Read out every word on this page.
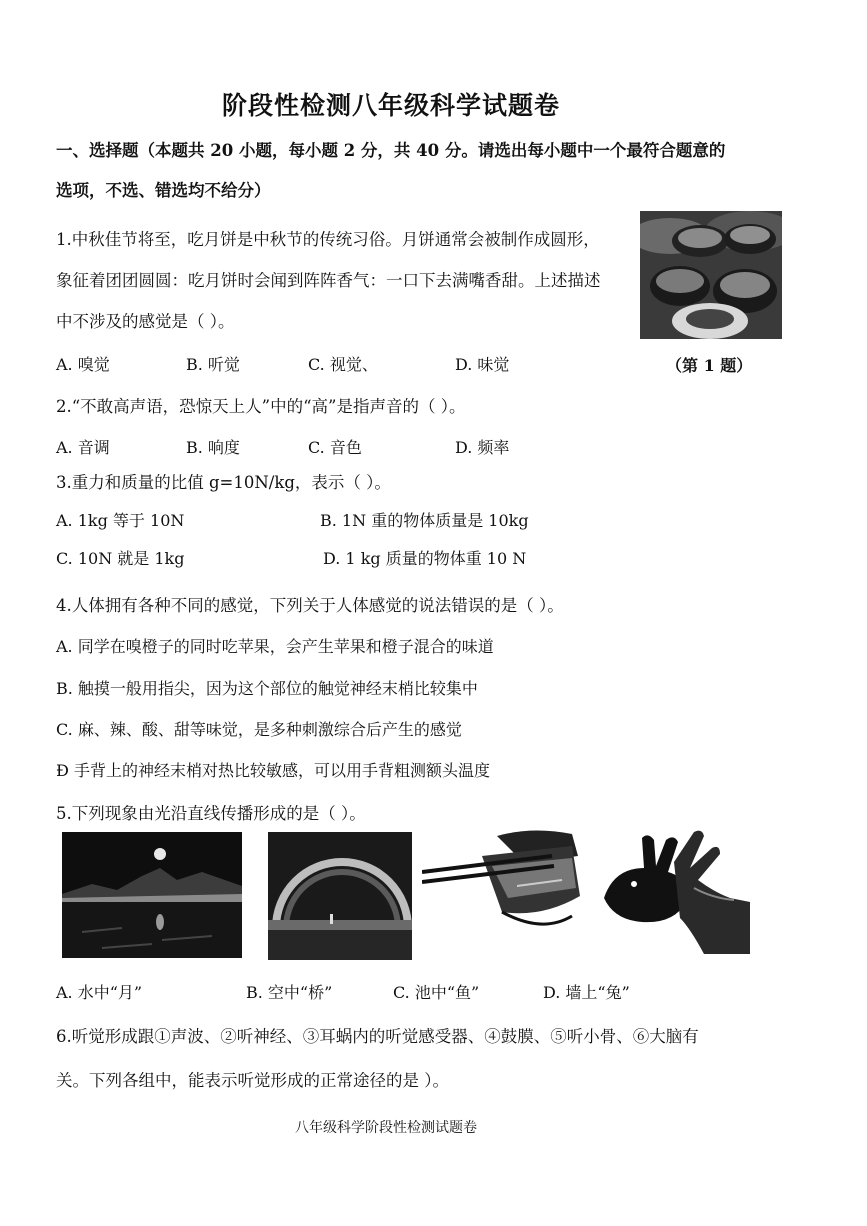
阶段性检测八年级科学试题卷
一、选择题（本题共 20 小题，每小题 2 分，共 40 分。请选出每小题中一个最符合题意的
选项，不选、错选均不给分）
1.中秋佳节将至，吃月饼是中秋节的传统习俗。月饼通常会被制作成圆形，
象征着团团圆圆：吃月饼时会闻到阵阵香气：一口下去满嘴香甜。上述描述
中不涉及的感觉是（ ）。
A. 嗅觉	B. 听觉	C. 视觉、	D. 味觉	（第 1 题）
2.“不敢高声语，恐惊天上人”中的“高”是指声音的（ ）。
A. 音调	B. 响度	C. 音色	D. 频率
3.重力和质量的比值 g=10N/kg，表示（ ）。
A. 1kg 等于 10N	B. 1N 重的物体质量是 10kg
C. 10N 就是 1kg	D. 1 kg 质量的物体重 10 N
4.人体拥有各种不同的感觉，下列关于人体感觉的说法错误的是（ ）。
A. 同学在嗅橙子的同时吃苹果，会产生苹果和橙子混合的味道
B. 触摸一般用指尖，因为这个部位的触觉神经末梢比较集中
C. 麻、辣、酸、甜等味觉，是多种刺激综合后产生的感觉
Ð 手背上的神经末梢对热比较敏感，可以用手背粗测额头温度
5.下列现象由光沿直线传播形成的是（ ）。
A. 水中“月”	B. 空中“桥”	C. 池中“鱼”	D. 墙上“兔”
6.听觉形成跟①声波、②听神经、③耳蜗内的听觉感受器、④鼓膜、⑤听小骨、⑥大脑有
关。下列各组中，能表示听觉形成的正常途径的是 ）。
八年级科学阶段性检测试题卷
